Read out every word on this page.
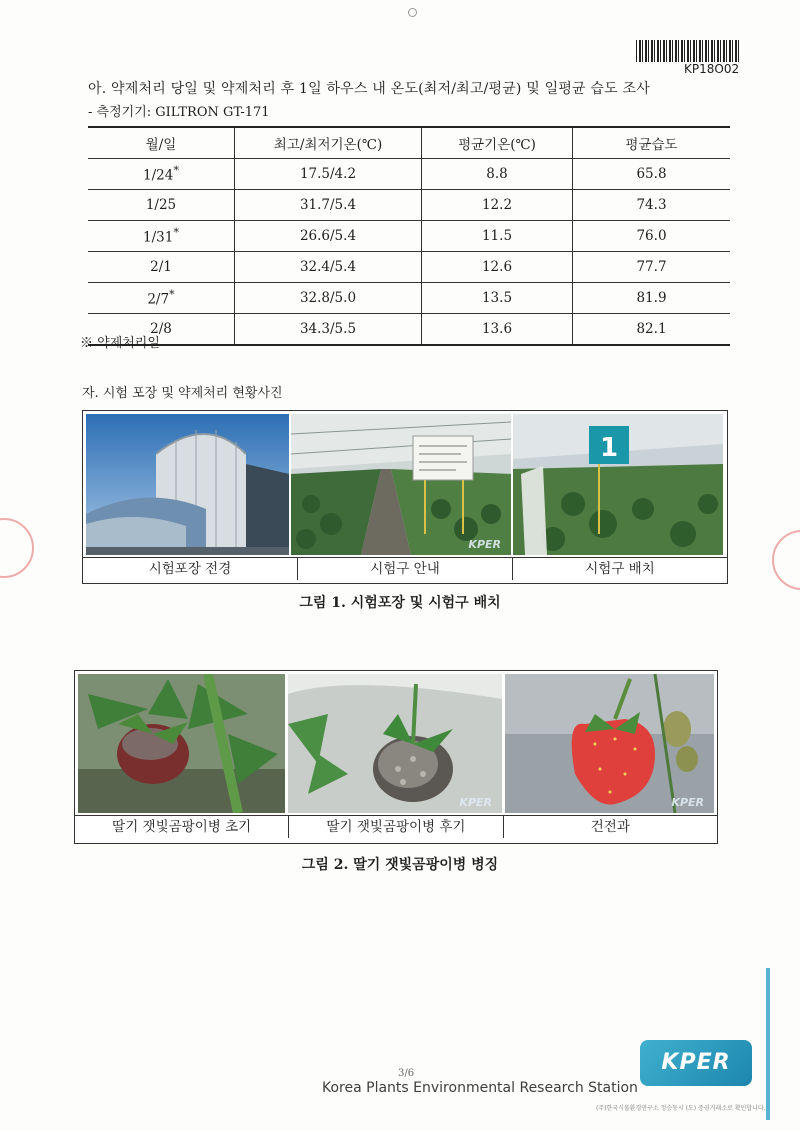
KP18O02
아. 약제처리 당일 및 약제처리 후 1일 하우스 내 온도(최저/최고/평균) 및 일평균 습도 조사
- 측정기기: GILTRON GT-171
월/일	최고/최저기온(℃)	평균기온(℃)	평균습도
1/24*	17.5/4.2	8.8	65.8
1/25	31.7/5.4	12.2	74.3
1/31*	26.6/5.4	11.5	76.0
2/1	32.4/5.4	12.6	77.7
2/7*	32.8/5.0	13.5	81.9
2/8	34.3/5.5	13.6	82.1
※ 약제처리일
자. 시험 포장 및 약제처리 현황사진
KPER
1
시험포장 전경	시험구 안내	시험구 배치
그림 1. 시험포장 및 시험구 배치
KPER	KPER
딸기 잿빛곰팡이병 초기	딸기 잿빛곰팡이병 후기	건전과
그림 2. 딸기 잿빛곰팡이병 병징
3/6
Korea Plants Environmental Research Station
KPER
(주)한국식물환경연구소 정승동시 (도) 증권거래소로 확인합니다.
